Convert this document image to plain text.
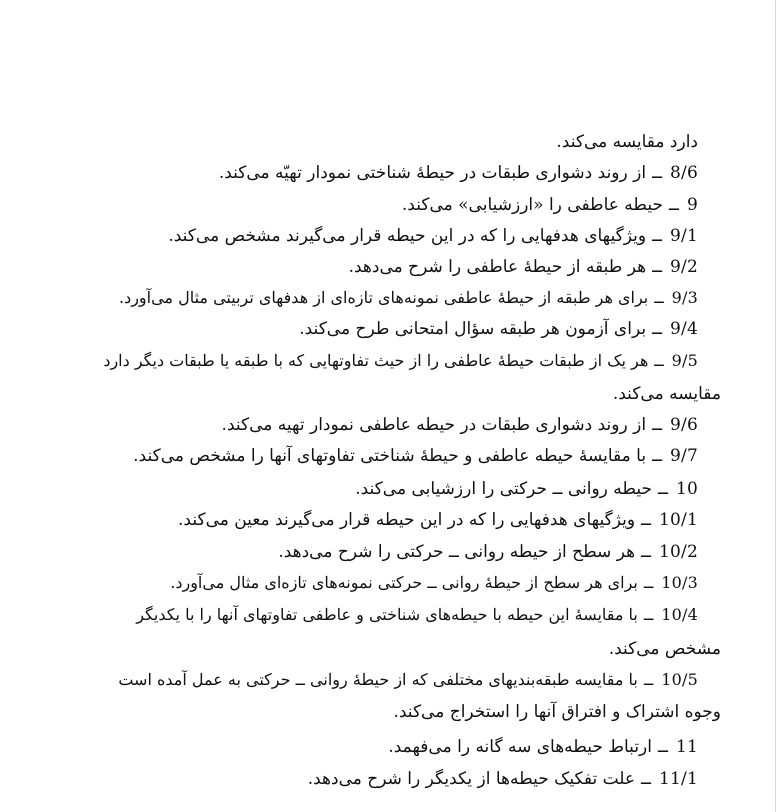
دارد مقایسه می‌کند.
8/6ــاز روند دشواری طبقات در حیطهٔ شناختی نمودار تهیّه می‌کند.
9ــحیطه عاطفی را «ارزشیابی» می‌کند.
9/1ــویژگیهای هدفهایی را که در این حیطه قرار می‌گیرند مشخص می‌کند.
9/2ــهر طبقه از حیطهٔ عاطفی را شرح می‌دهد.
9/3ــبرای هر طبقه از حیطهٔ عاطفی نمونه‌های تازه‌ای از هدفهای تربیتی مثال می‌آورد.
9/4ــبرای آزمون هر طبقه سؤال امتحانی طرح می‌کند.
9/5ــهر یک از طبقات حیطهٔ عاطفی را از حیث تفاوتهایی که با طبقه یا طبقات دیگر دارد
مقایسه می‌کند.
9/6ــاز روند دشواری طبقات در حیطه عاطفی نمودار تهیه می‌کند.
9/7ــبا مقایسهٔ حیطه عاطفی و حیطهٔ شناختی تفاوتهای آنها را مشخص می‌کند.
10ــحیطه روانی ــ حرکتی را ارزشیابی می‌کند.
10/1ــویژگیهای هدفهایی را که در این حیطه قرار می‌گیرند معین می‌کند.
10/2ــهر سطح از حیطه روانی ــ حرکتی را شرح می‌دهد.
10/3ــبرای هر سطح از حیطهٔ روانی ــ حرکتی نمونه‌های تازه‌ای مثال می‌آورد.
10/4ــبا مقایسهٔ این حیطه با حیطه‌های شناختی و عاطفی تفاوتهای آنها را با یکدیگر
مشخص می‌کند.
10/5ــبا مقایسه طبقه‌بندیهای مختلفی که از حیطهٔ روانی ــ حرکتی به عمل آمده است
وجوه اشتراک و افتراق آنها را استخراج می‌کند.
11ــارتباط حیطه‌های سه گانه را می‌فهمد.
11/1ــعلت تفکیک حیطه‌ها از یکدیگر را شرح می‌دهد.
